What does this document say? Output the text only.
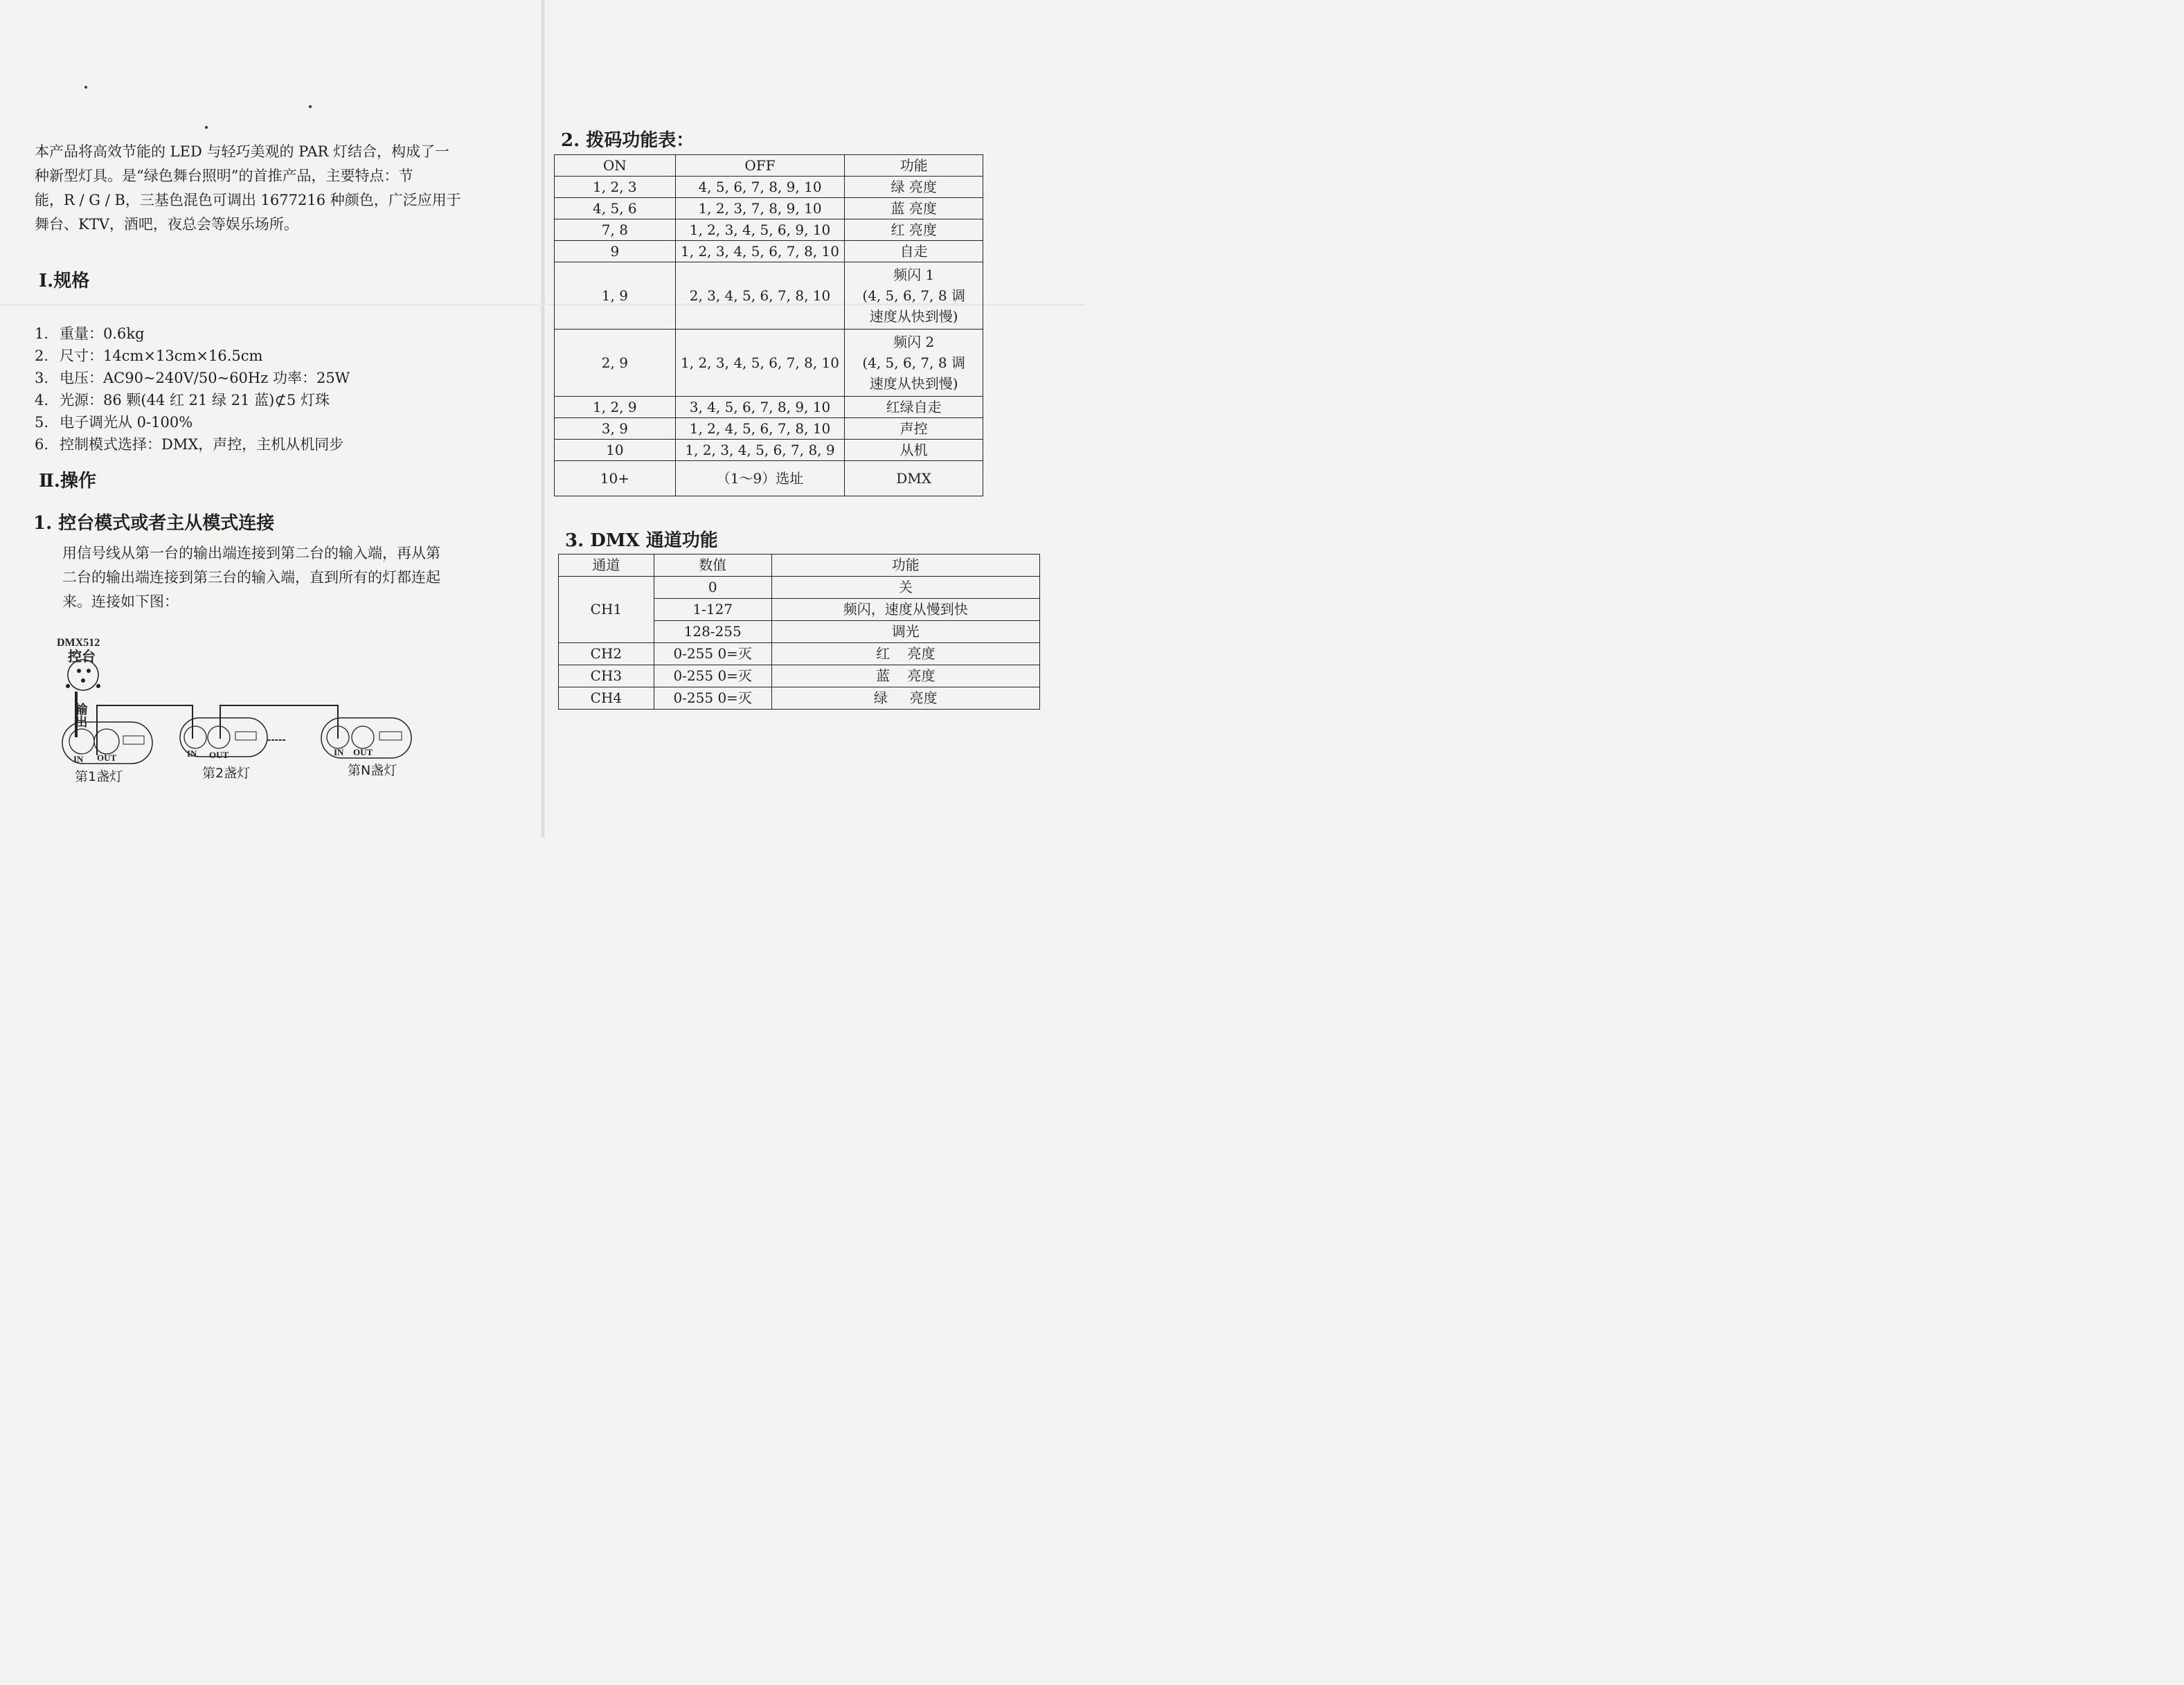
本产品将高效节能的 LED 与轻巧美观的 PAR 灯结合，构成了一
种新型灯具。是“绿色舞台照明”的首推产品，主要特点：节
能，R / G / B，三基色混色可调出 1677216 种颜色，广泛应用于
舞台、KTV，酒吧，夜总会等娱乐场所。
Ⅰ.规格
1. 重量：0.6kg
2. 尺寸：14cm×13cm×16.5cm
3. 电压：AC90~240V/50~60Hz 功率：25W
4. 光源：86 颗(44 红 21 绿 21 蓝)⊄5 灯珠
5. 电子调光从 0-100%
6. 控制模式选择：DMX，声控，主机从机同步
Ⅱ.操作
1. 控台模式或者主从模式连接
用信号线从第一台的输出端连接到第二台的输入端，再从第
二台的输出端连接到第三台的输入端，直到所有的灯都连起
来。连接如下图：
DMX512
控台
输出
IN OUT
第1盏灯
IN OUT
第2盏灯
-----
IN OUT
第N盏灯
2. 拨码功能表：
ON	OFF	功能
1, 2, 3	4, 5, 6, 7, 8, 9, 10	绿 亮度
4, 5, 6	1, 2, 3, 7, 8, 9, 10	蓝 亮度
7, 8	1, 2, 3, 4, 5, 6, 9, 10	红 亮度
9	1, 2, 3, 4, 5, 6, 7, 8, 10	自走
1, 9	2, 3, 4, 5, 6, 7, 8, 10	频闪 1
(4, 5, 6, 7, 8 调
速度从快到慢)

2, 9	1, 2, 3, 4, 5, 6, 7, 8, 10	频闪 2
(4, 5, 6, 7, 8 调
速度从快到慢)

1, 2, 9	3, 4, 5, 6, 7, 8, 9, 10	红绿自走
3, 9	1, 2, 4, 5, 6, 7, 8, 10	声控
10	1, 2, 3, 4, 5, 6, 7, 8, 9	从机
10+	（1～9）选址	DMX
3. DMX 通道功能
通道	数值	功能
CH1	0	关
	1-127	频闪，速度从慢到快
	128-255	调光
CH2	0-255 0=灭	红    亮度
CH3	0-255 0=灭	蓝    亮度
CH4	0-255 0=灭	绿     亮度
